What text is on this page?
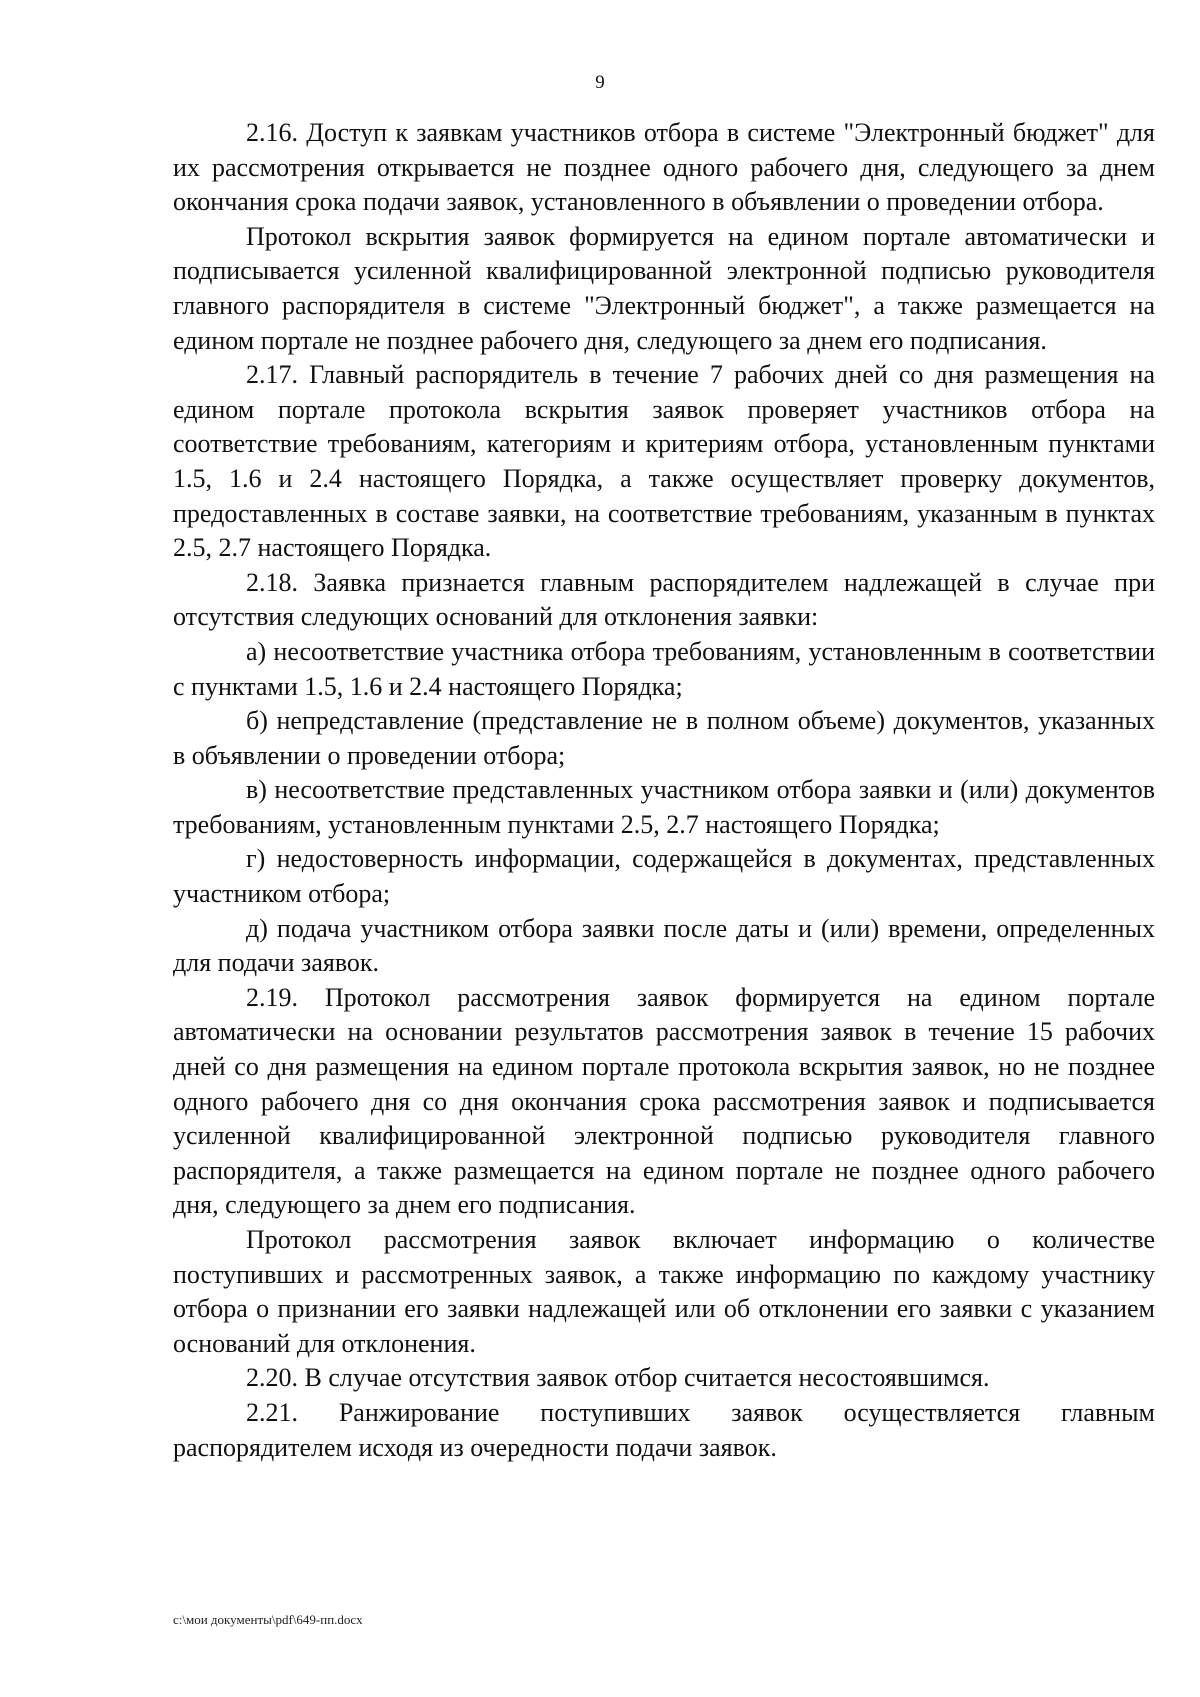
9

2.16. Доступ к заявкам участников отбора в системе "Электронный бюджет" для их рассмотрения открывается не позднее одного рабочего дня, следующего за днем окончания срока подачи заявок, установленного в объявлении о проведении отбора.

Протокол вскрытия заявок формируется на едином портале автоматически и подписывается усиленной квалифицированной электронной подписью руководителя главного распорядителя в системе "Электронный бюджет", а также размещается на едином портале не позднее рабочего дня, следующего за днем его подписания.

2.17. Главный распорядитель в течение 7 рабочих дней со дня размещения на едином портале протокола вскрытия заявок проверяет участников отбора на соответствие требованиям, категориям и критериям отбора, установленным пунктами 1.5, 1.6 и 2.4 настоящего Порядка, а также осуществляет проверку документов, предоставленных в составе заявки, на соответствие требованиям, указанным в пунктах 2.5, 2.7 настоящего Порядка.

2.18. Заявка признается главным распорядителем надлежащей в случае при отсутствия следующих оснований для отклонения заявки:

а) несоответствие участника отбора требованиям, установленным в соответствии с пунктами 1.5, 1.6 и 2.4 настоящего Порядка;

б) непредставление (представление не в полном объеме) документов, указанных в объявлении о проведении отбора;

в) несоответствие представленных участником отбора заявки и (или) документов требованиям, установленным пунктами 2.5, 2.7 настоящего Порядка;

г) недостоверность информации, содержащейся в документах, представленных участником отбора;

д) подача участником отбора заявки после даты и (или) времени, определенных для подачи заявок.

2.19. Протокол рассмотрения заявок формируется на едином портале автоматически на основании результатов рассмотрения заявок в течение 15 рабочих дней со дня размещения на едином портале протокола вскрытия заявок, но не позднее одного рабочего дня со дня окончания срока рассмотрения заявок и подписывается усиленной квалифицированной электронной подписью руководителя главного распорядителя, а также размещается на едином портале не позднее одного рабочего дня, следующего за днем его подписания.

Протокол рассмотрения заявок включает информацию о количестве поступивших и рассмотренных заявок, а также информацию по каждому участнику отбора о признании его заявки надлежащей или об отклонении его заявки с указанием оснований для отклонения.

2.20. В случае отсутствия заявок отбор считается несостоявшимся.

2.21. Ранжирование поступивших заявок осуществляется главным распорядителем исходя из очередности подачи заявок.

c:\мои документы\pdf\649-пп.docx
